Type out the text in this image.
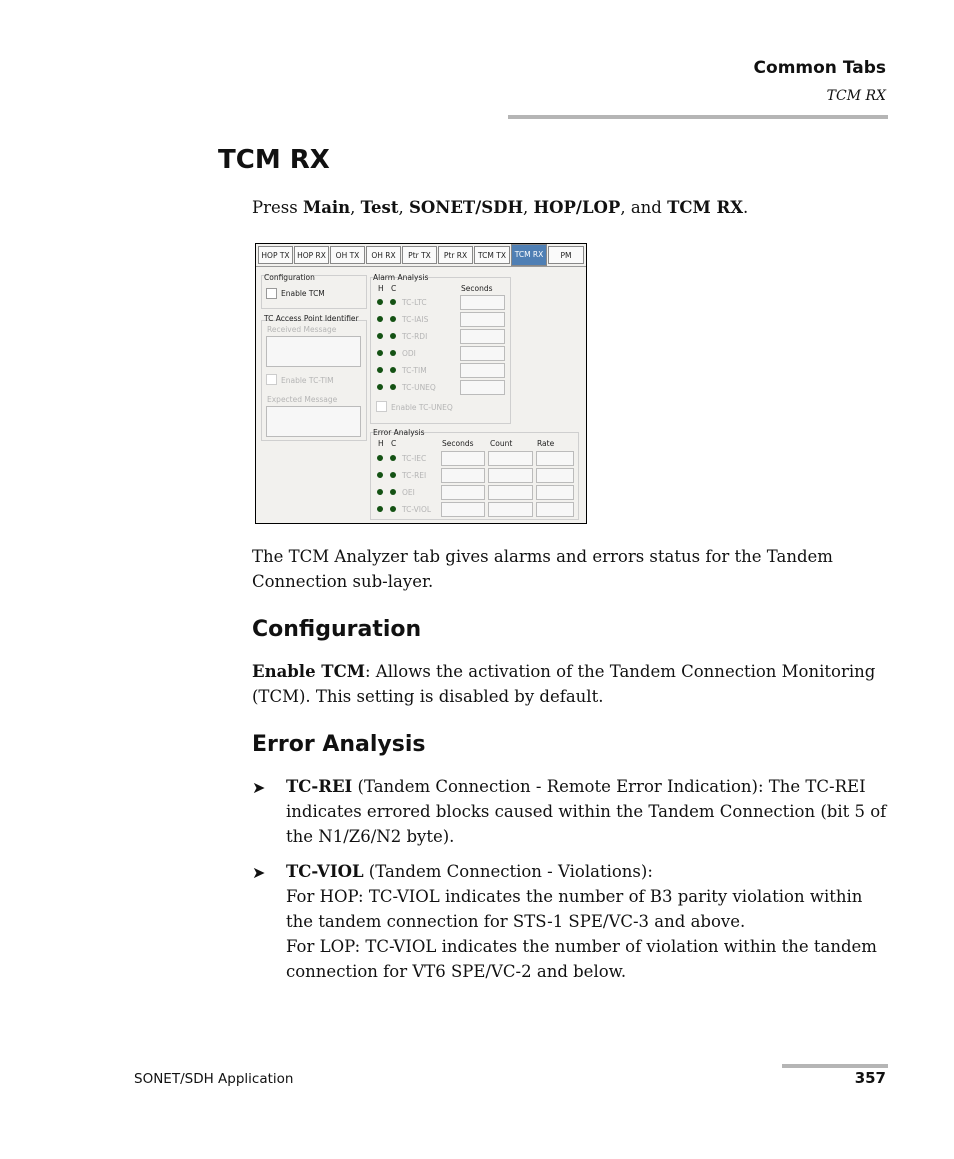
Common Tabs
TCM RX
TCM RX

Press Main, Test, SONET/SDH, HOP/LOP, and TCM RX.

HOP TX	HOP RX	OH TX	OH RX	Ptr TX	Ptr RX	TCM TX	TCM RX	PM
Configuration
Enable TCM
TC Access Point Identifier
Received Message
Enable TC-TIM
Expected Message
Alarm Analysis
H C	Seconds
TC-LTC
TC-IAIS
TC-RDI
ODI
TC-TIM
TC-UNEQ
Enable TC-UNEQ
Error Analysis
H C	Seconds Count	Rate
TC-IEC
TC-REI
OEI
TC-VIOL

The TCM Analyzer tab gives alarms and errors status for the Tandem Connection sub-layer.

Configuration

Enable TCM: Allows the activation of the Tandem Connection Monitoring (TCM). This setting is disabled by default.

Error Analysis
➤ TC-REI (Tandem Connection - Remote Error Indication): The TC-REI indicates errored blocks caused within the Tandem Connection (bit 5 of the N1/Z6/N2 byte).

➤ TC-VIOL (Tandem Connection - Violations):
For HOP: TC-VIOL indicates the number of B3 parity violation within the tandem connection for STS-1 SPE/VC-3 and above.
For LOP: TC-VIOL indicates the number of violation within the tandem connection for VT6 SPE/VC-2 and below.
SONET/SDH Application	357
